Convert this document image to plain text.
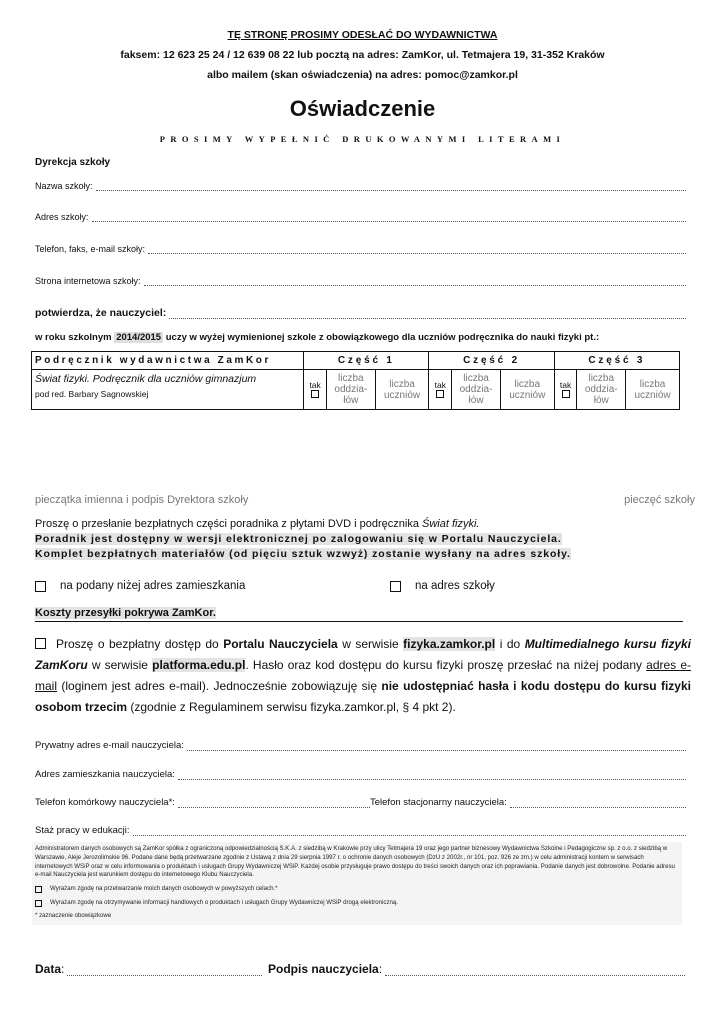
TĘ STRONĘ PROSIMY ODESŁAĆ DO WYDAWNICTWA
faksem: 12 623 25 24 / 12 639 08 22 lub pocztą na adres: ZamKor, ul. Tetmajera 19, 31-352 Kraków
albo mailem (skan oświadczenia) na adres: pomoc@zamkor.pl
Oświadczenie
PROSIMY WYPEŁNIĆ DRUKOWANYMI LITERAMI
Dyrekcja szkoły
Nazwa szkoły:
Adres szkoły:
Telefon, faks, e-mail szkoły:
Strona internetowa szkoły:
potwierdza, że nauczyciel:
w roku szkolnym 2014/2015 uczy w wyżej wymienionej szkole z obowiązkowego dla uczniów podręcznika do nauki fizyki pt.:
Podręcznik wydawnictwa ZamKor	Część 1			Część 2			Część 3		

Świat fizyki. Podręcznik dla uczniów gimnazjum
pod red. Barbary Sagnowskiej	tak	liczba oddzia-łów	liczba uczniów	tak	liczba oddzia-łów	liczba uczniów	tak	liczba oddzia-łów	liczba uczniów
pieczątka imienna i podpis Dyrektora szkoły	pieczęć szkoły
Proszę o przesłanie bezpłatnych części poradnika z płytami DVD i podręcznika Świat fizyki.
Poradnik jest dostępny w wersji elektronicznej po zalogowaniu się w Portalu Nauczyciela.
Komplet bezpłatnych materiałów (od pięciu sztuk wzwyż) zostanie wysłany na adres szkoły.
na podany niżej adres zamieszkania	na adres szkoły
Koszty przesyłki pokrywa ZamKor.
Proszę o bezpłatny dostęp do Portalu Nauczyciela w serwisie fizyka.zamkor.pl i do Multimedialnego kursu fizyki ZamKoru w serwisie platforma.edu.pl. Hasło oraz kod dostępu do kursu fizyki proszę przesłać na niżej podany adres e-mail (loginem jest adres e-mail). Jednocześnie zobowiązuję się nie udostępniać hasła i kodu dostępu do kursu fizyki osobom trzecim (zgodnie z Regulaminem serwisu fizyka.zamkor.pl, § 4 pkt 2).
Prywatny adres e-mail nauczyciela:
Adres zamieszkania nauczyciela:
Telefon komórkowy nauczyciela*:	Telefon stacjonarny nauczyciela:
Staż pracy w edukacji:
Administratorem danych osobowych są ZamKor spółka z ograniczoną odpowiedzialnością S.K.A. z siedzibą w Krakowie przy ulicy Tetmajera 19 oraz jego partner biznesowy Wydawnictwa Szkolne i Pedagogiczne sp. z o.o. z siedzibą w Warszawie, Aleje Jerozolimskie 96. Podane dane będą przetwarzane zgodnie z Ustawą z dnia 29 sierpnia 1997 r. o ochronie danych osobowych (DzU z 2002r., nr 101, poz. 926 ze zm.) w celu administracji kontem w serwisach internetowych WSiP oraz w celu informowania o produktach i usługach Grupy Wydawniczej WSiP. Każdej osobie przysługuje prawo dostępu do treści swoich danych oraz ich poprawiania. Podanie danych jest dobrowolne. Podanie adresu e-mail Nauczyciela jest warunkiem dostępu do internetowego Klubu Nauczyciela.
Wyrażam zgodę na przetwarzanie moich danych osobowych w powyższych celach.*
Wyrażam zgodę na otrzymywanie informacji handlowych o produktach i usługach Grupy Wydawniczej WSiP drogą elektroniczną.
* zaznaczenie obowiązkowe
Data :	Podpis nauczyciela :
